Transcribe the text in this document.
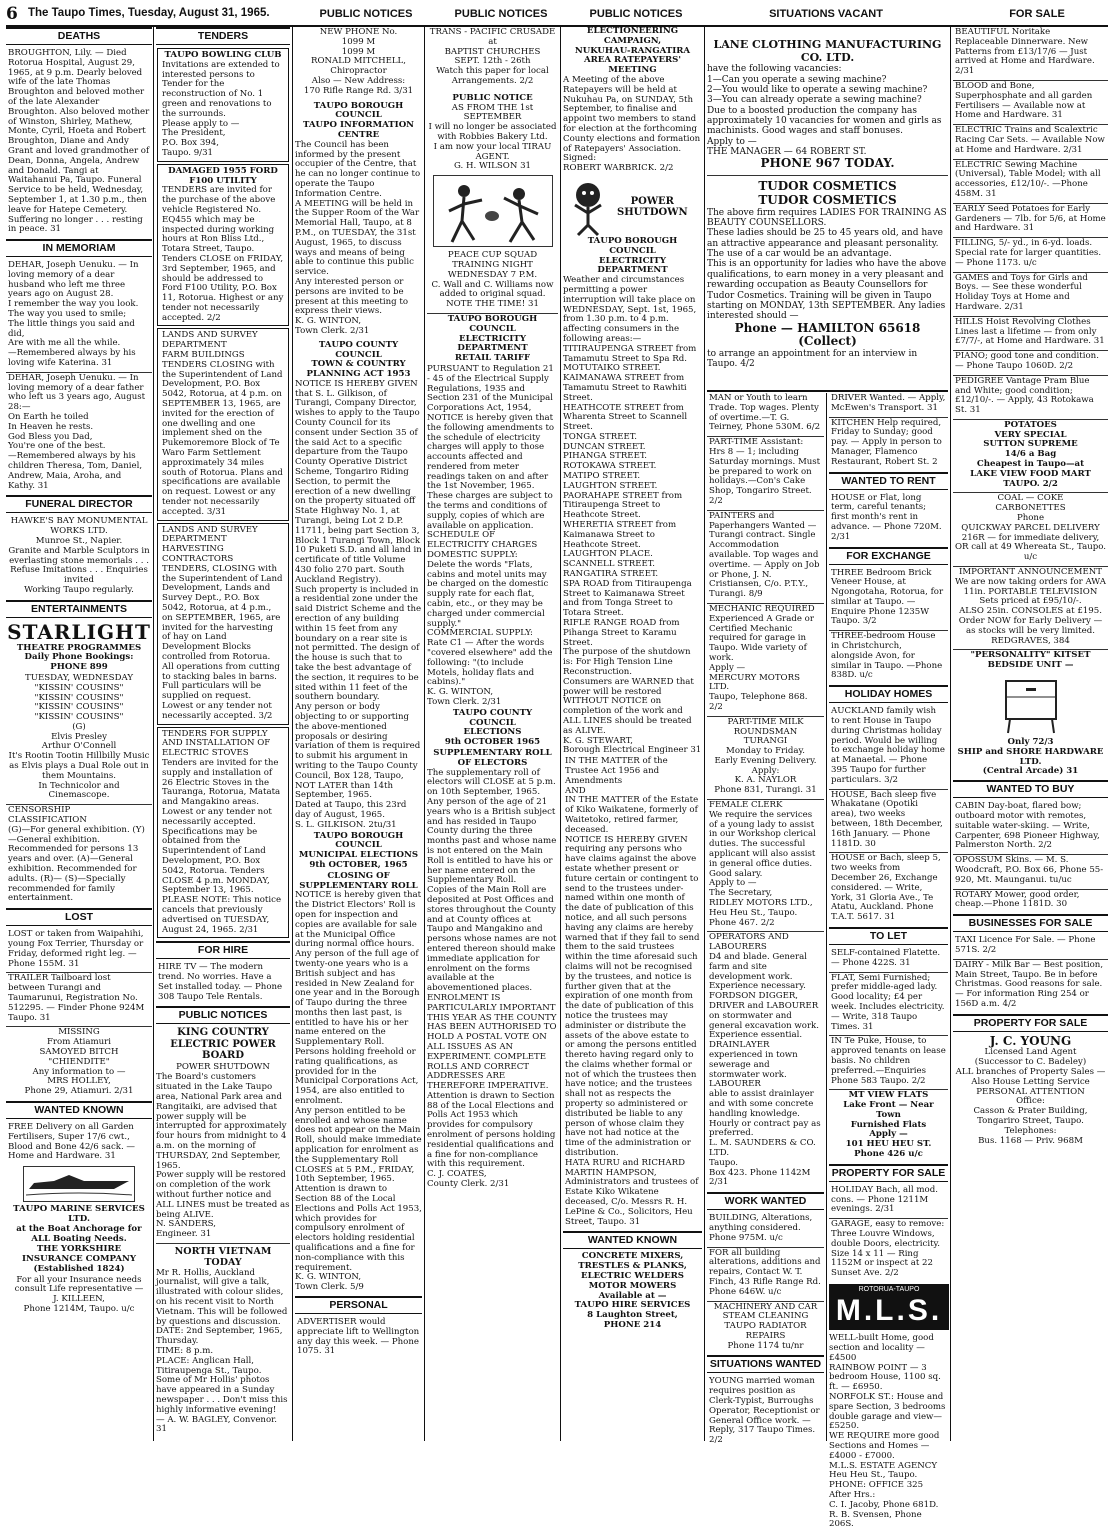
6 The Taupo Times, Tuesday, August 31, 1965.	PUBLIC NOTICES	PUBLIC NOTICES	PUBLIC NOTICES	SITUATIONS VACANT	FOR SALE
DEATHS
BROUGHTON, Lily. — Died Rotorua Hospital, August 29, 1965, at 9 p.m. Dearly beloved wife of the late Thomas Broughton and beloved mother of the late Alexander Broughton. Also beloved mother of Winston, Shirley, Mathew, Monte, Cyril, Hoeta and Robert Broughton, Diane and Andy Grant and loved grandmother of Dean, Donna, Angela, Andrew and Donald. Tangi at Waitahanui Pa, Taupo. Funeral Service to be held, Wednesday, September 1, at 1.30 p.m., then leave for Hatepe Cemetery. Suffering no longer . . . resting in peace. 31
IN MEMORIAM
DEHAR, Joseph Uenuku. — In loving memory of a dear husband who left me three years ago on August 28.
I remember the way you look.
The way you used to smile;
The little things you said and did,
Are with me all the while.
—Remembered always by his loving wife Katerina. 31
DEHAR, Joseph Uenuku. — In loving memory of a dear father who left us 3 years ago, August 28:—
On Earth he toiled
In Heaven he rests.
God Bless you Dad,
You're one of the best.
—Remembered always by his children Theresa, Tom, Daniel, Andrew, Maia, Aroha, and Kathy. 31
FUNERAL DIRECTOR
HAWKE'S BAY MONUMENTAL WORKS LTD.
Munroe St., Napier.
Granite and Marble Sculptors in everlasting stone memorials . . . Refuse Imitations . . . Enquiries invited
Working Taupo regularly.
ENTERTAINMENTS
STARLIGHT
THEATRE PROGRAMMES
Daily Phone Bookings: PHONE 899
TUESDAY, WEDNESDAY
"KISSIN' COUSINS"
"KISSIN' COUSINS"
"KISSIN' COUSINS"
"KISSIN' COUSINS"
(G)
Elvis Presley
Arthur O'Connell
It's Rootin Tootin Hillbilly Music as Elvis plays a Dual Role out in them Mountains.
In Technicolor and Cinemascope.
CENSORSHIP CLASSIFICATION
(G)—For general exhibition. (Y)—General exhibition. Recommended for persons 13 years and over. (A)—General exhibition. Recommended for adults. (R)— (S)—Specially recommended for family entertainment.
LOST
LOST or taken from Waipahihi, young Fox Terrier, Thursday or Friday, deformed right leg. — Phone 155M. 31
TRAILER Tailboard lost between Turangi and Taumarunui, Registration No. 512295. — Finder Phone 924M Taupo. 31
MISSING
From Atiamuri
SAMOYED BITCH
"CHIENDITE"
Any information to —
MRS HOLLEY,
Phone 29, Atiamuri. 2/31
WANTED KNOWN
FREE Delivery on all Garden Fertilisers, Super 17/6 cwt., Blood and Bone 42/6 sack. — Home and Hardware. 31
TAUPO MARINE SERVICES LTD.
at the Boat Anchorage for ALL Boating Needs.
THE YORKSHIRE INSURANCE COMPANY
(Established 1824)
For all your Insurance needs consult Life representative —
J. KILLEEN,
Phone 1214M, Taupo. u/c
TENDERS
TAUPO BOWLING CLUB
Invitations are extended to interested persons to Tender for the reconstruction of No. 1 green and renovations to the surrounds.
Please apply to —
The President,
P.O. Box 394,
Taupo. 9/31
DAMAGED 1955 FORD F100 UTILITY
TENDERS are invited for the purchase of the above vehicle Registered No. EQ455 which may be inspected during working hours at Ron Bliss Ltd., Totara Street, Taupo. Tenders CLOSE on FRIDAY, 3rd September, 1965, and should be addressed to Ford F100 Utility, P.O. Box 11, Rotorua. Highest or any tender not necessarily accepted. 2/2
LANDS AND SURVEY DEPARTMENT
FARM BUILDINGS
TENDERS CLOSING with the Superintendent of Land Development, P.O. Box 5042, Rotorua, at 4 p.m. on SEPTEMBER 13, 1965, are invited for the erection of one dwelling and one implement shed on the Pukemoremore Block of Te Waro Farm Settlement approximately 34 miles south of Rotorua. Plans and specifications are available on request. Lowest or any tender not necessarily accepted. 3/31
LANDS AND SURVEY DEPARTMENT
HARVESTING CONTRACTORS
TENDERS, CLOSING with the Superintendent of Land Development, Lands and Survey Dept., P.O. Box 5042, Rotorua, at 4 p.m., on SEPTEMBER, 1965, are invited for the harvesting of hay on Land Development Blocks controlled from Rotorua. All operations from cutting to stacking bales in barns. Full particulars will be supplied on request. Lowest or any tender not necessarily accepted. 3/2
TENDERS FOR SUPPLY AND INSTALLATION OF ELECTRIC STOVES
Tenders are invited for the supply and installation of 26 Electric Stoves in the Tauranga, Rotorua, Matata and Mangakino areas. Lowest or any tender not necessarily accepted. Specifications may be obtained from the Superintendent of Land Development, P.O. Box 5042, Rotorua. Tenders CLOSE 4 p.m. MONDAY, September 13, 1965.
PLEASE NOTE: This notice cancels that previously advertised on TUESDAY, August 24, 1965. 2/31
FOR HIRE
HIRE TV — The modern trend. No worries. Have a Set installed today. — Phone 308 Taupo Tele Rentals.
PUBLIC NOTICES
KING COUNTRY ELECTRIC POWER BOARD
POWER SHUTDOWN
The Board's customers situated in the Lake Taupo area, National Park area and Rangitaiki, are advised that power supply will be interrupted for approximately four hours from midnight to 4 a.m. on the morning of THURSDAY, 2nd September, 1965.
Power supply will be restored on completion of the work without further notice and ALL LINES must be treated as being ALIVE.
N. SANDERS,
Engineer. 31
NORTH VIETNAM TODAY
Mr R. Hollis, Auckland journalist, will give a talk, illustrated with colour slides, on his recent visit to North Vietnam. This will be followed by questions and discussion.
DATE: 2nd September, 1965, Thursday.
TIME: 8 p.m.
PLACE: Anglican Hall, Titiraupenga St., Taupo.
Some of Mr Hollis' photos have appeared in a Sunday newspaper . . . Don't miss this highly informative evening!
— A. W. BAGLEY, Convenor. 31
NEW PHONE No.
1099 M
1099 M
RONALD MITCHELL,
Chiropractor
Also — New Address:
170 Rifle Range Rd. 3/31
TAUPO BOROUGH COUNCIL
TAUPO INFORMATION CENTRE
The Council has been informed by the present occupier of the Centre, that he can no longer continue to operate the Taupo Information Centre.
A MEETING will be held in the Supper Room of the War Memorial Hall, Taupo, at 8 P.M., on TUESDAY, the 31st August, 1965, to discuss ways and means of being able to continue this public service.
Any interested person or persons are invited to be present at this meeting to express their views.
K. G. WINTON,
Town Clerk. 2/31
TAUPO COUNTY COUNCIL
TOWN & COUNTRY PLANNING ACT 1953
NOTICE IS HEREBY GIVEN that S. L. Gilkison, of Turangi, Company Director, wishes to apply to the Taupo County Council for its consent under Section 35 of the said Act to a specific departure from the Taupo County Operative District Scheme, Tongariro Riding Section, to permit the erection of a new dwelling on the property situated off State Highway No. 1, at Turangi, being Lot 2 D.P. 11711, being part Section 3, Block 1 Turangi Town, Block 10 Puketi S.D. and all land in certificate of title Volume 430 folio 270 part. South Auckland Registry).
Such property is included in a residential zone under the said District Scheme and the erection of any building within 15 feet from any boundary on a rear site is not permitted. The design of the house is such that to take the best advantage of the section, it requires to be sited within 11 feet of the southern boundary.
Any person or body objecting to or supporting the above-mentioned proposals or desiring variation of them is required to submit his argument in writing to the Taupo County Council, Box 128, Taupo, NOT LATER than 14th September, 1965.
Dated at Taupo, this 23rd day of August, 1965.
S. L. GILKISON. 2tu/31
TAUPO BOROUGH COUNCIL
MUNICIPAL ELECTIONS 9th OCTOBER, 1965
CLOSING OF SUPPLEMENTARY ROLL
NOTICE is hereby given that the District Electors' Roll is open for inspection and copies are available for sale at the Municipal Office during normal office hours.
Any person of the full age of twenty-one years who is a British subject and has resided in New Zealand for one year and in the Borough of Taupo during the three months then last past, is entitled to have his or her name entered on the Supplementary Roll.
Persons holding freehold or rating qualifications, as provided for in the Municipal Corporations Act, 1954, are also entitled to enrolment.
Any person entitled to be enrolled and whose name does not appear on the Main Roll, should make immediate application for enrolment as the Supplementary Roll CLOSES at 5 P.M., FRIDAY, 10th September, 1965.
Attention is drawn to Section 88 of the Local Elections and Polls Act 1953, which provides for compulsory enrolment of electors holding residential qualifications and a fine for non-compliance with this requirement.
K. G. WINTON,
Town Clerk. 5/9
PERSONAL
ADVERTISER would appreciate lift to Wellington any day this week. — Phone 1075. 31
TRANS - PACIFIC CRUSADE
at
BAPTIST CHURCHES
SEPT. 12th - 26th
Watch this paper for local Arrangements. 2/2
PUBLIC NOTICE
AS FROM THE 1st SEPTEMBER
I will no longer be associated with Robbies Bakery Ltd.
I am now your local TIRAU AGENT.
G. H. WILSON 31
PEACE CUP SQUAD TRAINING NIGHT WEDNESDAY 7 P.M.
C. Wall and C. Williams now added to original squad. NOTE THE TIME! 31
TAUPO BOROUGH COUNCIL
ELECTRICITY DEPARTMENT
RETAIL TARIFF
PURSUANT to Regulation 21 - 45 of the Electrical Supply Regulations, 1935 and Section 231 of the Municipal Corporations Act, 1954, NOTICE is hereby given that the following amendments to the schedule of electricity charges will apply to those accounts affected and rendered from meter readings taken on and after the 1st November, 1965.
These charges are subject to the terms and conditions of supply, copies of which are available on application.
SCHEDULE OF ELECTRICITY CHARGES
DOMESTIC SUPPLY:
Delete the words "Flats, cabins and motel units may be charged on the domestic supply rate for each flat, cabin, etc., or they may be charged under commercial supply."
COMMERCIAL SUPPLY:
Rate C1 — After the words "covered elsewhere" add the following: "(to include Motels, holiday flats and cabins)."
K. G. WINTON,
Town Clerk. 2/31
TAUPO COUNTY COUNCIL
ELECTIONS
9th OCTOBER 1965
SUPPLEMENTARY ROLL OF ELECTORS
The supplementary roll of electors will CLOSE at 5 p.m. on 10th September, 1965.
Any person of the age of 21 years who is a British subject and has resided in Taupo County during the three months past and whose name is not entered on the Main Roll is entitled to have his or her name entered on the Supplementary Roll.
Copies of the Main Roll are deposited at Post Offices and stores throughout the County and at County offices at Taupo and Mangakino and persons whose names are not entered thereon should make immediate application for enrolment on the forms available at the abovementioned places.
ENROLMENT IS PARTICULARLY IMPORTANT THIS YEAR AS THE COUNTY HAS BEEN AUTHORISED TO HOLD A POSTAL VOTE ON ALL ISSUES AS AN EXPERIMENT. COMPLETE ROLLS AND CORRECT ADDRESSES ARE THEREFORE IMPERATIVE.
Attention is drawn to Section 88 of the Local Elections and Polls Act 1953 which provides for compulsory enrolment of persons holding residential qualifications and a fine for non-compliance with this requirement.
C. J. COATES,
County Clerk. 2/31
ELECTIONEERING CAMPAIGN,
NUKUHAU-RANGATIRA AREA RATEPAYERS' MEETING
A Meeting of the above Ratepayers will be held at Nukuhau Pa, on SUNDAY, 5th September, to finalise and appoint two members to stand for election at the forthcoming County elections and formation of Ratepayers' Association.
Signed:
ROBERT WARBRICK. 2/2
POWER
SHUTDOWN
TAUPO BOROUGH COUNCIL
ELECTRICITY DEPARTMENT
Weather and circumstances permitting a power interruption will take place on WEDNESDAY, Sept. 1st, 1965, from 1.30 p.m. to 4 p.m. affecting consumers in the following areas:—
TITIRAUPENGA STREET from Tamamutu Street to Spa Rd.
MOTUTAIKO STREET.
KAIMANAWA STREET from Tamamutu Street to Rawhiti Street.
HEATHCOTE STREET from Wharenta Street to Scannell Street.
TONGA STREET.
DUNCAN STREET.
PIHANGA STREET.
ROTOKAWA STREET.
MATIPO STREET.
LAUGHTON STREET.
PAORAHAPE STREET from Titiraupenga Street to Heathcote Street.
WHERETIA STREET from Kaimanawa Street to Heathcote Street.
LAUGHTON PLACE.
SCANNELL STREET.
RANGATIRA STREET.
SPA ROAD from Titiraupenga Street to Kaimanawa Street and from Tonga Street to Totara Street.
RIFLE RANGE ROAD from Pihanga Street to Karamu Street.
The purpose of the shutdown is: For High Tension Line Reconstruction.
Consumers are WARNED that power will be restored WITHOUT NOTICE on completion of the work and ALL LINES should be treated as ALIVE.
K. G. STEWART,
Borough Electrical Engineer 31
IN THE MATTER of the Trustee Act 1956 and Amendments
AND
IN THE MATTER of the Estate of Kiko Waikatene, formerly of Waitetoko, retired farmer, deceased.
NOTICE IS HEREBY GIVEN requiring any persons who have claims against the above estate whether present or future certain or contingent to send to the trustees under-named within one month of the date of publication of this notice, and all such persons having any claims are hereby warned that if they fail to send them to the said trustees within the time aforesaid such claims will not be recognised by the trustees, and notice is further given that at the expiration of one month from the date of publication of this notice the trustees may administer or distribute the assets of the above estate to or among the persons entitled thereto having regard only to the claims whether formal or not of which the trustees then have notice; and the trustees shall not as respects the property so administered or distributed be liable to any person of whose claim they have not had notice at the time of the administration or distribution.
HATA RURU and RICHARD MARTIN HAMPSON,
Administrators and trustees of Estate Kiko Wikatene deceased, C/o. Messrs R. H. LePine & Co., Solicitors, Heu Street, Taupo. 31
WANTED KNOWN
CONCRETE MIXERS, TRESTLES & PLANKS, ELECTRIC WELDERS MOTOR MOWERS
Available at —
TAUPO HIRE SERVICES
8 Laughton Street,
PHONE 214
LANE CLOTHING MANUFACTURING CO. LTD.
have the following vacancies:
1—Can you operate a sewing machine?
2—You would like to operate a sewing machine?
3—You can already operate a sewing machine?
Due to a boosted production the company has approximately 10 vacancies for women and girls as machinists. Good wages and staff bonuses.
Apply to —
THE MANAGER — 64 ROBERT ST.
PHONE 967 TODAY.
TUDOR COSMETICS
TUDOR COSMETICS
The above firm requires LADIES FOR TRAINING AS BEAUTY COUNSELLORS.
These ladies should be 25 to 45 years old, and have an attractive appearance and pleasant personality. The use of a car would be an advantage.
This is an opportunity for ladies who have the above qualifications, to earn money in a very pleasant and rewarding occupation as Beauty Counsellors for Tudor Cosmetics. Training will be given in Taupo starting on MONDAY, 13th SEPTEMBER. Any ladies interested should —
Phone — HAMILTON 65618 (Collect)
to arrange an appointment for an interview in Taupo. 4/2
MAN or Youth to learn Trade. Top wages. Plenty of overtime.—T. G. Teirney, Phone 530M. 6/2
PART-TIME Assistant: Hrs 8 — 1; including Saturday mornings. Must be prepared to work on holidays.—Con's Cake Shop, Tongariro Street. 2/2
PAINTERS and Paperhangers Wanted — Turangi contract. Single Accommodation available. Top wages and overtime. — Apply on Job or Phone, J. N. Cristiansen, C/o. P.T.Y., Turangi. 8/9
MECHANIC REQUIRED
Experienced A Grade or Certified Mechanic required for garage in Taupo. Wide variety of work.
Apply —
MERCURY MOTORS LTD.
Taupo, Telephone 868. 2/2
PART-TIME MILK ROUNDSMAN
TURANGI
Monday to Friday.
Early Evening Delivery.
Apply:
K. A. NAYLOR
Phone 831, Turangi. 31
FEMALE CLERK
We require the services of a young lady to assist in our Workshop clerical duties. The successful applicant will also assist in general office duties. Good salary.
Apply to —
The Secretary,
RIDLEY MOTORS LTD.,
Heu Heu St., Taupo.
Phone 467. 2/2
OPERATORS AND LABOURERS
D4 and blade. General farm and site development work. Experience necessary.
FORDSON DIGGER, DRIVER and LABOURER on stormwater and general excavation work. Experience essential.
DRAINLAYER
experienced in town sewerage and stormwater work.
LABOURER
able to assist drainlayer and with some concrete handling knowledge.
Hourly or contract pay as preferred.
L. M. SAUNDERS & CO. LTD.
Taupo.
Box 423. Phone 1142M 2/31
WORK WANTED
BUILDING, Alterations, anything considered. Phone 975M. u/c
FOR all building alterations, additions and repairs, Contact W. T. Finch, 43 Rifle Range Rd. Phone 646W. u/c
MACHINERY AND CAR STEAM CLEANING
TAUPO RADIATOR REPAIRS
Phone 1174 tu/nr
SITUATIONS WANTED
YOUNG married woman requires position as Clerk-Typist, Burroughs Operator, Receptionist or General Office work. — Reply, 317 Taupo Times. 2/2
DRIVER Wanted. — Apply, McEwen's Transport. 31
KITCHEN Help required, Friday to Sunday; good pay. — Apply in person to Manager, Flamenco Restaurant, Robert St. 2
WANTED TO RENT
HOUSE or Flat, long term, careful tenants; first month's rent in advance. — Phone 720M. 2/31
FOR EXCHANGE
THREE Bedroom Brick Veneer House, at Ngongotaha, Rotorua, for similar at Taupo. — Enquire Phone 1235W Taupo. 3/2
THREE-bedroom House in Christchurch, alongside Avon, for similar in Taupo. —Phone 838D. u/c
HOLIDAY HOMES
AUCKLAND family wish to rent House in Taupo during Christmas holiday period. Would be willing to exchange holiday home at Manaetal. — Phone 395 Taupo for further particulars. 3/2
HOUSE, Bach sleep five Whakatane (Opotiki area), two weeks between, 18th December, 16th January. — Phone 1181D. 30
HOUSE or Bach, sleep 5, two weeks from December 26, Exchange considered. — Write, York, 31 Gloria Ave., Te Atatu, Auckland. Phone T.A.T. 5617. 31
TO LET
SELF-contained Flatette. — Phone 422S. 31
FLAT, Semi Furnished; prefer middle-aged lady. Good locality; £4 per week. Includes electricity. — Write, 318 Taupo Times. 31
IN Te Puke, House, to approved tenants on lease basis. No children preferred.—Enquiries Phone 583 Taupo. 2/2
MT VIEW FLATS
Lake Front — Near Town
Furnished Flats
Apply —
101 HEU HEU ST.
Phone 426 u/c
PROPERTY FOR SALE
HOLIDAY Bach, all mod. cons. — Phone 1211M evenings. 2/31
GARAGE, easy to remove: Three Louvre Windows, double Doors, electricity. Size 14 x 11 — Ring 1152M or inspect at 22 Sunset Ave. 2/2
ROTORUA-TAUPO
M.L.S.
WELL-built Home, good section and locality — £4500
RAINBOW POINT — 3 bedroom House, 1100 sq. ft. — £6950.
NORFOLK ST.: House and spare Section, 3 bedrooms double garage and view— £5250.
WE REQUIRE more good Sections and Homes — £4000 - £7000.
M.L.S. ESTATE AGENCY
Heu Heu St., Taupo.
PHONE: OFFICE 325
After Hrs.:
C. I. Jacoby, Phone 681D.
R. B. Svensen, Phone 206S.
BEAUTIFUL Noritake Replaceable Dinnerware. New Patterns from £13/17/6 — Just arrived at Home and Hardware. 2/31
BLOOD and Bone, Superphosphate and all garden Fertilisers — Available now at Home and Hardware. 31
ELECTRIC Trains and Scalextric Racing Car Sets. — Available Now at Home and Hardware. 2/31
ELECTRIC Sewing Machine (Universal), Table Model; with all accessories, £12/10/-. —Phone 458M. 31
EARLY Seed Potatoes for Early Gardeners — 7lb. for 5/6, at Home and Hardware. 31
FILLING, 5/- yd., in 6-yd. loads. Special rate for larger quantities. — Phone 1173. u/c
GAMES and Toys for Girls and Boys. — See these wonderful Holiday Toys at Home and Hardware. 2/31
HILLS Hoist Revolving Clothes Lines last a lifetime — from only £7/7/-, at Home and Hardware. 31
PIANO; good tone and condition. — Phone Taupo 1060D. 2/2
PEDIGREE Vantage Pram Blue and White; good condition; £12/10/-. — Apply, 43 Rotokawa St. 31
POTATOES
VERY SPECIAL
SUTTON SUPREME
14/6 a Bag
Cheapest in Taupo—at
LAKE VIEW FOOD MART
TAUPO. 2/2
COAL — COKE
CARBONETTES
Phone
QUICKWAY PARCEL DELIVERY
216R — for immediate delivery, OR call at 49 Whereata St., Taupo. u/c
IMPORTANT ANNOUNCEMENT
We are now taking orders for AWA 11in. PORTABLE TELEVISION Sets priced at £95/10/-.
ALSO 25in. CONSOLES at £195.
Order NOW for Early Delivery — as stocks will be very limited.
REDGRAVES, 384
"PERSONALITY" KITSET BEDSIDE UNIT —
Only 72/3
SHIP and SHORE HARDWARE LTD.
(Central Arcade) 31
WANTED TO BUY
CABIN Day-boat, flared bow; outboard motor with remotes, suitable water-skiing. — Write, Carpenter, 698 Pioneer Highway, Palmerston North. 2/2
OPOSSUM Skins. — M. S. Woodcraft, P.O. Box 66, Phone 55-920, Mt. Maunganui. tu/uc
ROTARY Mower, good order, cheap.—Phone 1181D. 30
BUSINESSES FOR SALE
TAXI Licence For Sale. — Phone 571S. 2/2
DAIRY - Milk Bar — Best position, Main Street, Taupo. Be in before Christmas. Good reasons for sale. — For information Ring 254 or 156D a.m. 4/2
PROPERTY FOR SALE
J. C. YOUNG
Licensed Land Agent
(Successor to C. Badeley)
ALL branches of Property Sales — Also House Letting Service
PERSONAL ATTENTION
Office:
Casson & Prater Building, Tongariro Street, Taupo.
Telephones:
Bus. 1168 — Priv. 968M
